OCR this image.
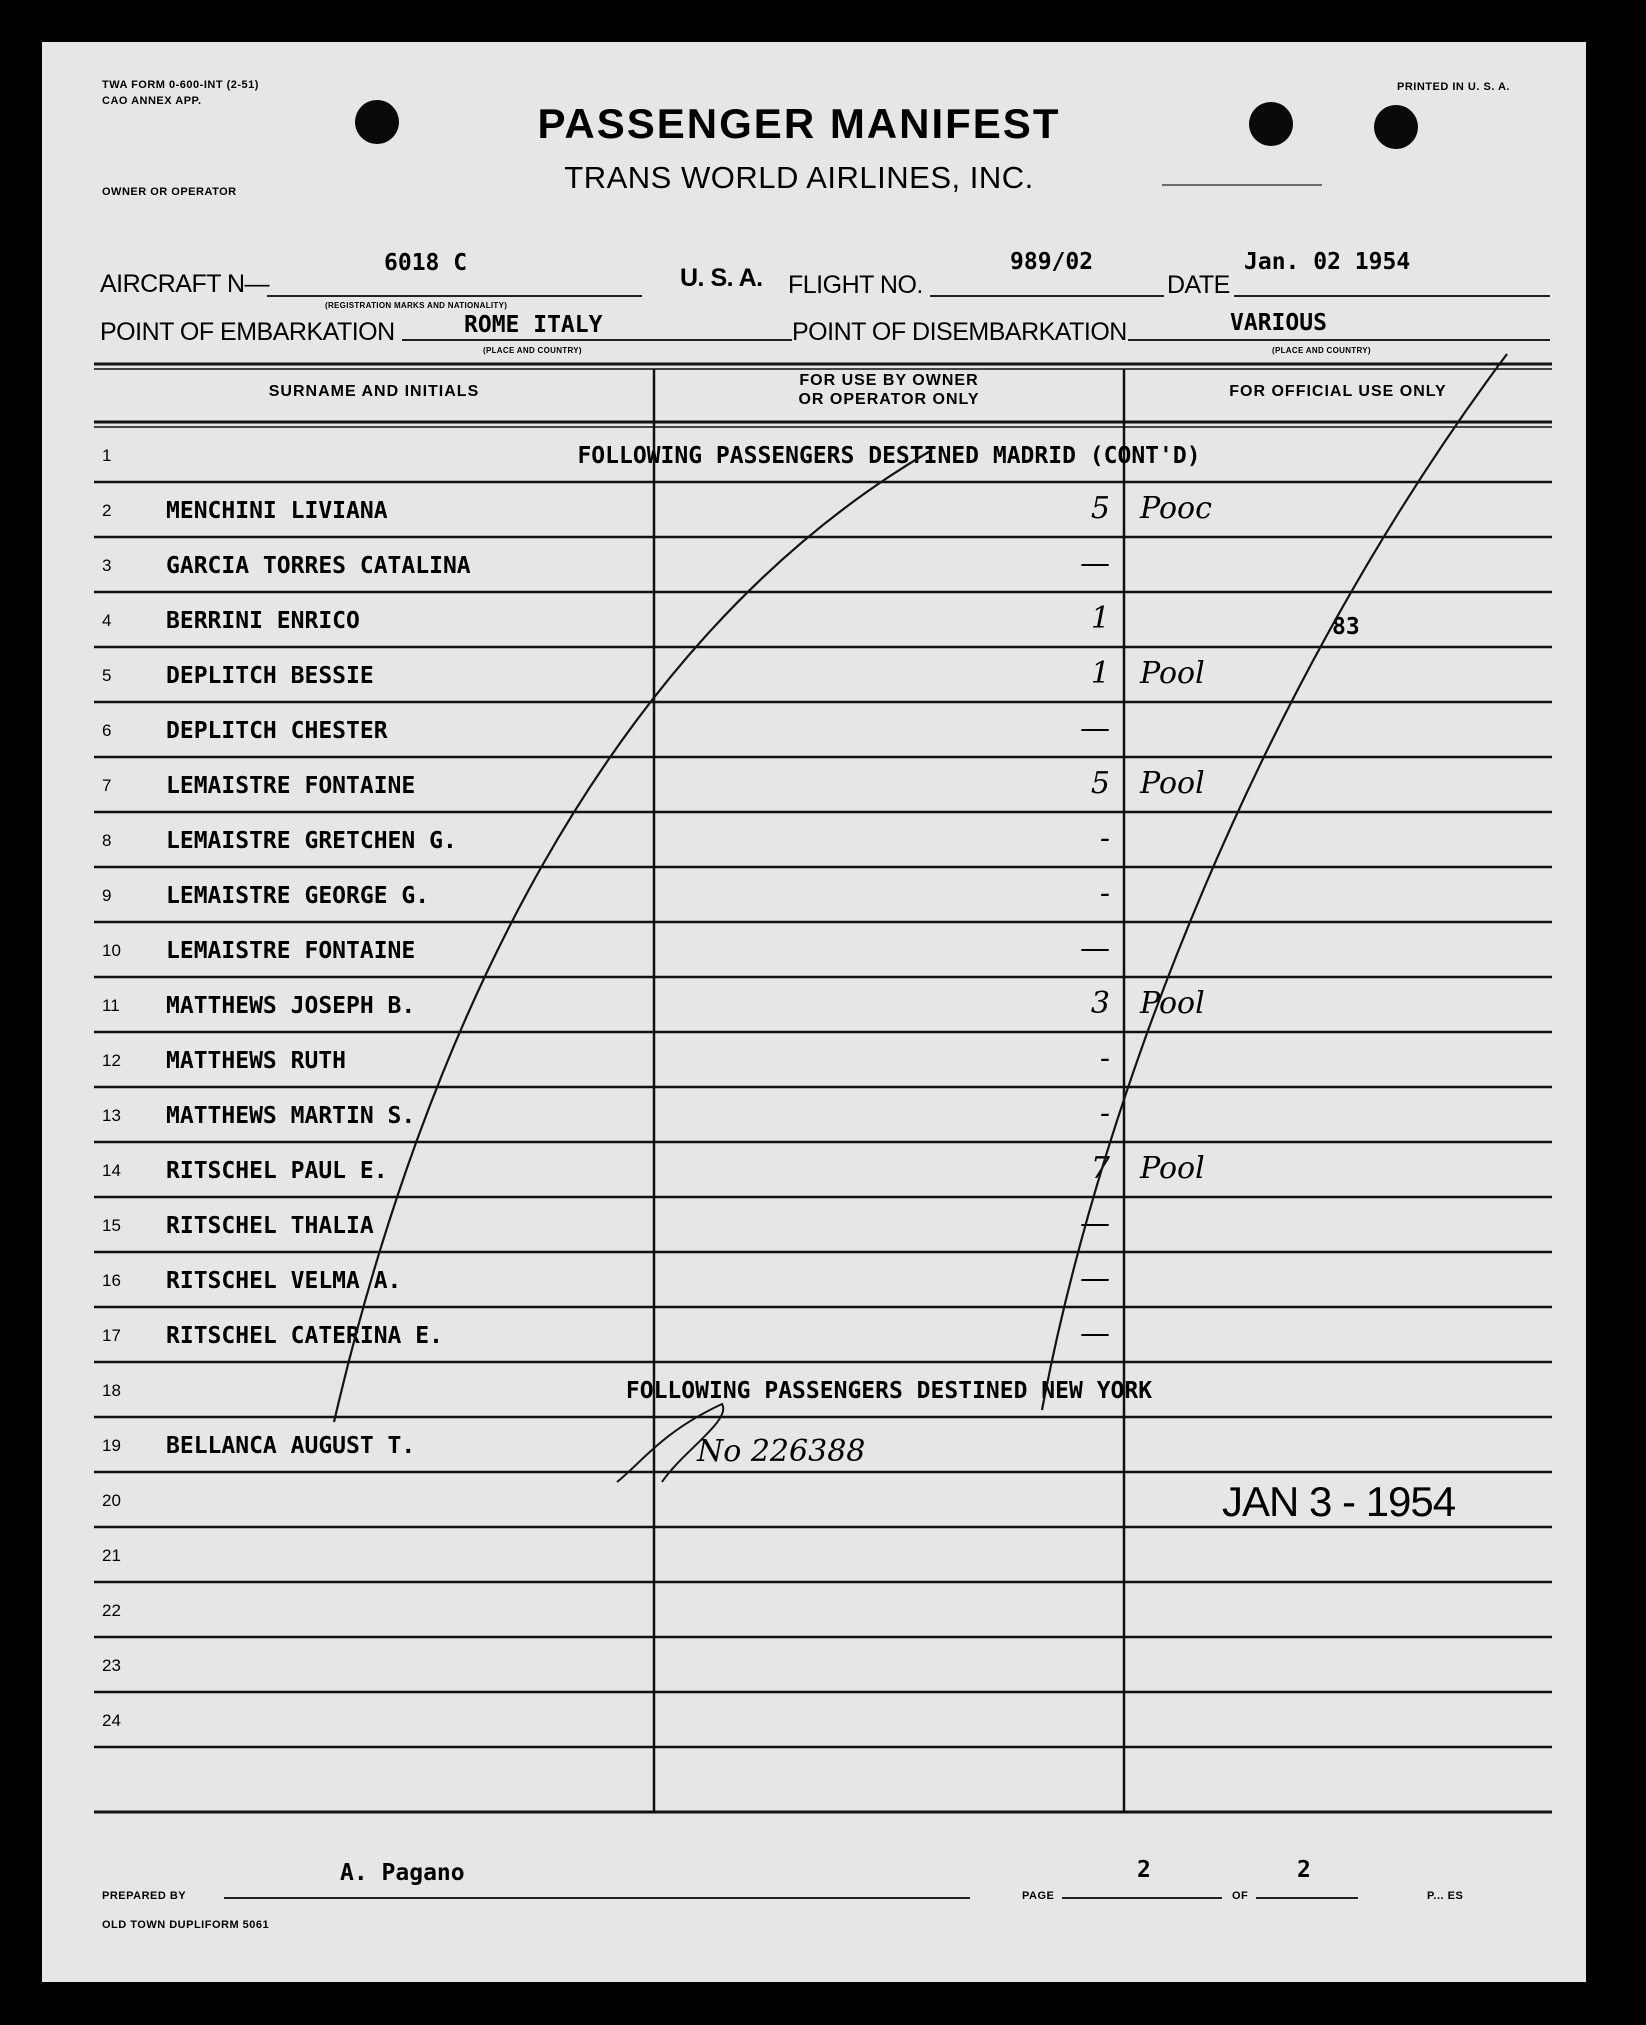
TWA FORM 0-600-INT (2-51)
CAO ANNEX APP.
PRINTED IN U. S. A.
PASSENGER MANIFEST
TRANS WORLD AIRLINES, INC.
OWNER OR OPERATOR
AIRCRAFT N—
6018 C
(REGISTRATION MARKS AND NATIONALITY)
U. S. A. FLIGHT NO.
989/02
DATE
Jan. 02 1954
POINT OF EMBARKATION	ROME ITALY
(PLACE AND COUNTRY)
POINT OF DISEMBARKATION	VARIOUS
(PLACE AND COUNTRY)
SURNAME AND INITIALS
FOR USE BY OWNER
OR OPERATOR ONLY	FOR OFFICIAL USE ONLY
1	FOLLOWING PASSENGERS DESTINED MADRID (CONT'D)
2 MENCHINI LIVIANA	5 Pooc
3 GARCIA TORRES CATALINA	—
4 BERRINI ENRICO	1	83
5 DEPLITCH BESSIE	1 Pool
6 DEPLITCH CHESTER	—
7 LEMAISTRE FONTAINE	5 Pool
8 LEMAISTRE GRETCHEN G.	-
9 LEMAISTRE GEORGE G.	-
10 LEMAISTRE FONTAINE	—
11 MATTHEWS JOSEPH B.	3 Pool
12 MATTHEWS RUTH	-
13 MATTHEWS MARTIN S.	-
14 RITSCHEL PAUL E.	7 Pool
15 RITSCHEL THALIA	—
16 RITSCHEL VELMA A.	—
17 RITSCHEL CATERINA E.	—
18	FOLLOWING PASSENGERS DESTINED NEW YORK
19 BELLANCA AUGUST T.	No 226388
20	JAN 3 - 1954
21
22
23
24
PREPARED BY
A. Pagano
PAGE
2
OF
2
P... ES
OLD TOWN DUPLIFORM 5061
